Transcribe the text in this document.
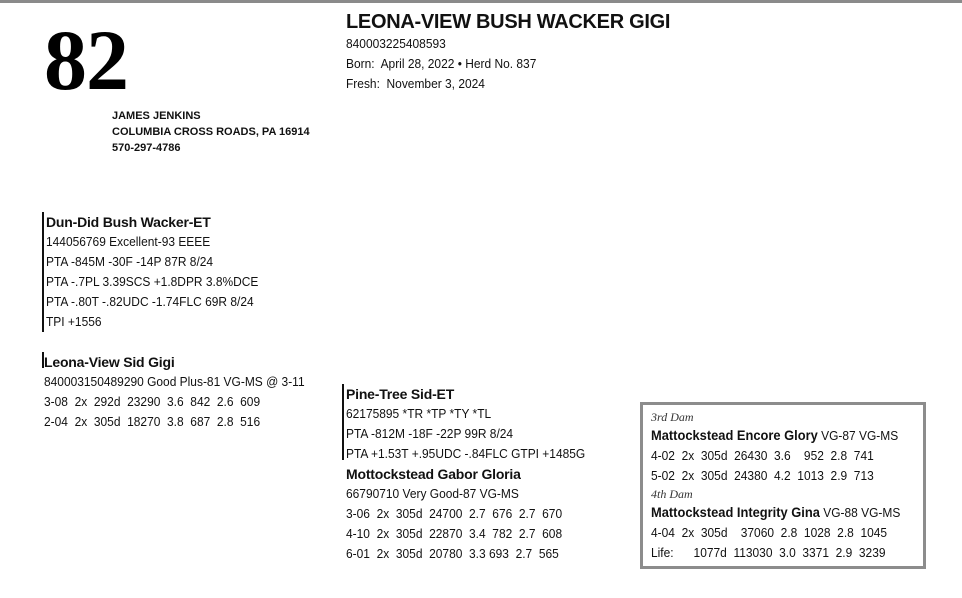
82
JAMES JENKINS
COLUMBIA CROSS ROADS, PA 16914
570-297-4786
LEONA-VIEW BUSH WACKER GIGI
840003225408593
Born:  April 28, 2022 • Herd No. 837
Fresh:  November 3, 2024
Dun-Did Bush Wacker-ET
144056769 Excellent-93 EEEE
PTA -845M -30F -14P 87R 8/24
PTA -.7PL 3.39SCS +1.8DPR 3.8%DCE
PTA -.80T -.82UDC -1.74FLC 69R 8/24
TPI +1556
Leona-View Sid Gigi
840003150489290 Good Plus-81 VG-MS @ 3-11
3-08  2x  292d  23290  3.6  842  2.6  609
2-04  2x  305d  18270  3.8  687  2.8  516
Pine-Tree Sid-ET
62175895 *TR *TP *TY *TL
PTA -812M -18F -22P 99R 8/24
PTA +1.53T +.95UDC -.84FLC GTPI +1485G
Mottockstead Gabor Gloria
66790710 Very Good-87 VG-MS
3-06  2x  305d  24700  2.7  676  2.7  670
4-10  2x  305d  22870  3.4  782  2.7  608
6-01  2x  305d  20780  3.3 693  2.7  565
3rd Dam
Mattockstead Encore Glory VG-87 VG-MS
4-02  2x  305d  26430  3.6    952  2.8  741
5-02  2x  305d  24380  4.2  1013  2.9  713
4th Dam
Mattockstead Integrity Gina VG-88 VG-MS
4-04  2x  305d    37060  2.8  1028  2.8  1045
Life:      1077d  113030  3.0  3371  2.9  3239
